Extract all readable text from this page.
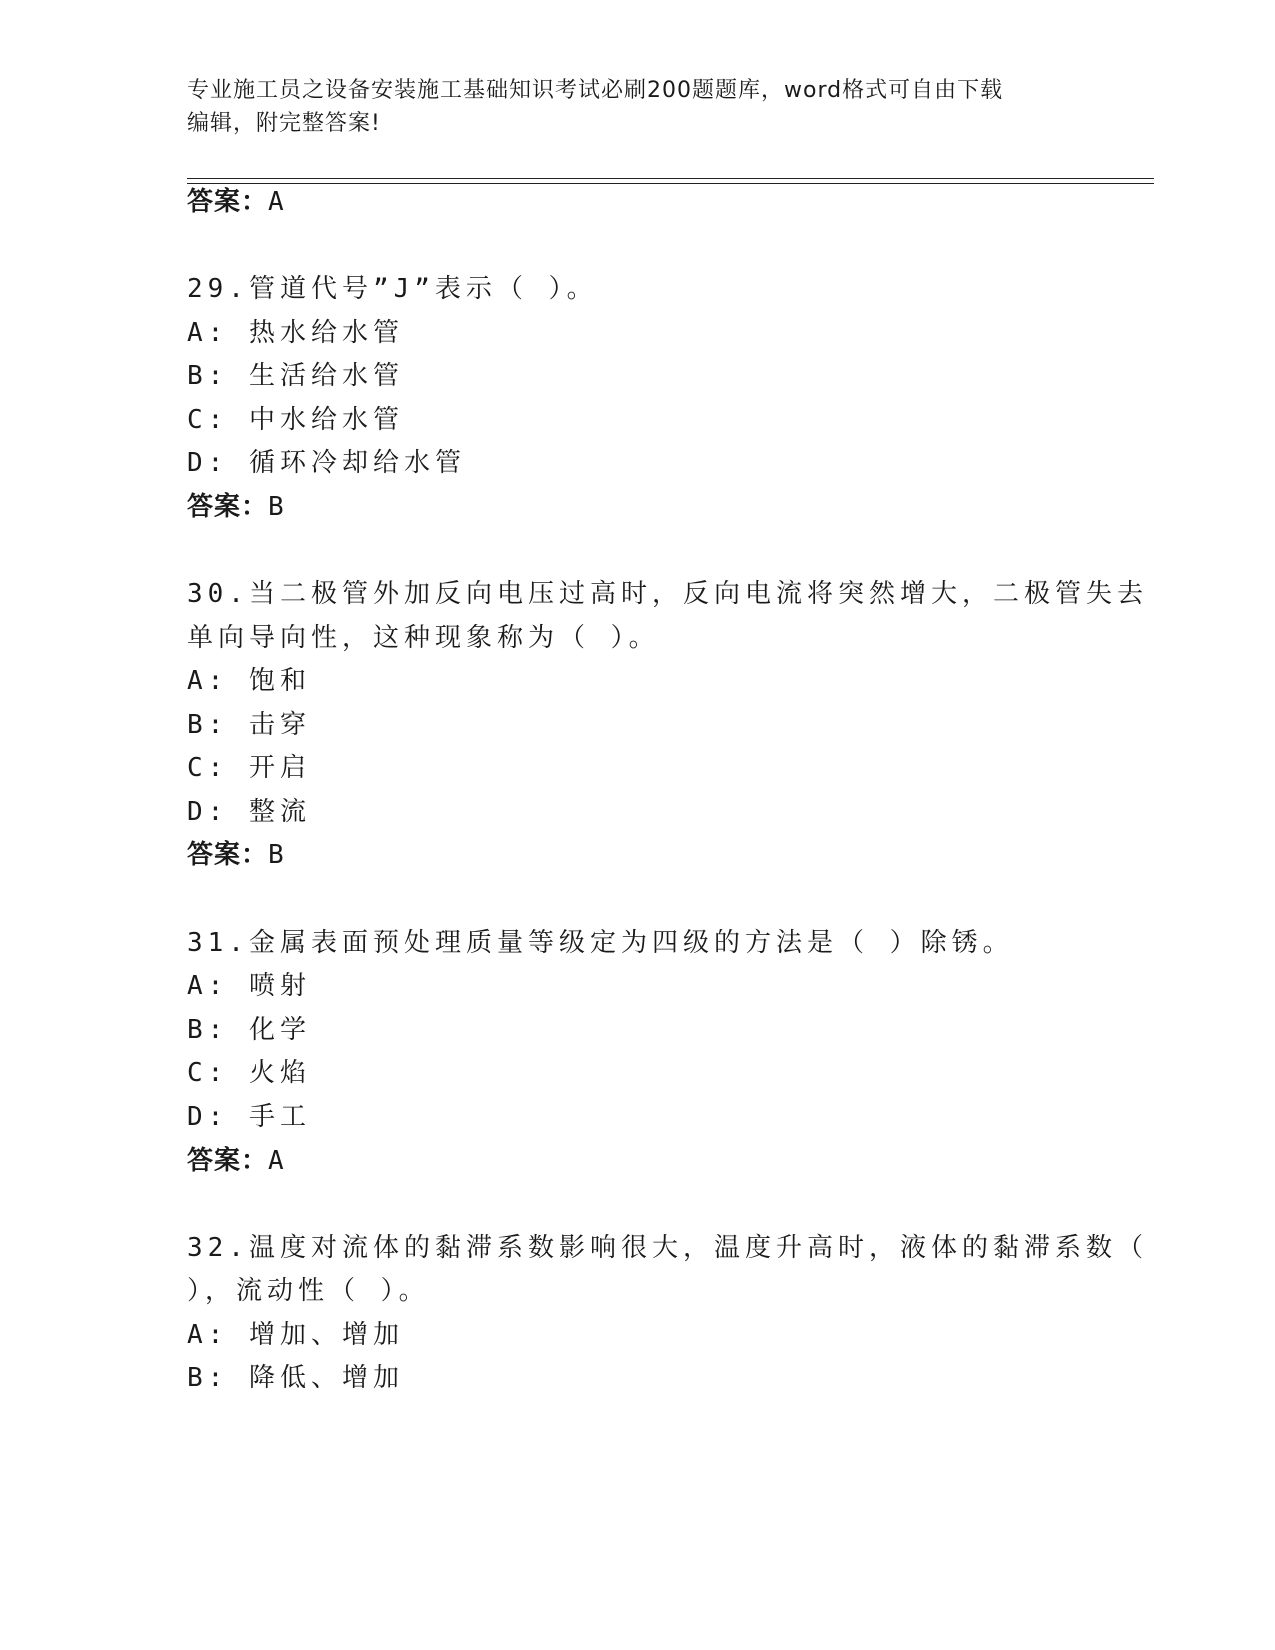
专业施工员之设备安装施工基础知识考试必刷200题题库，word格式可自由下载
编辑，附完整答案!
答案：A
29.管道代号”J”表示（ ）。
A: 热水给水管
B: 生活给水管
C: 中水给水管
D: 循环冷却给水管
答案：B
30.当二极管外加反向电压过高时，反向电流将突然增大，二极管失去
单向导向性，这种现象称为（ ）。
A: 饱和
B: 击穿
C: 开启
D: 整流
答案：B
31.金属表面预处理质量等级定为四级的方法是（ ）除锈。
A: 喷射
B: 化学
C: 火焰
D: 手工
答案：A
32.温度对流体的黏滞系数影响很大，温度升高时，液体的黏滞系数（
），流动性（ ）。
A: 增加、增加
B: 降低、增加
